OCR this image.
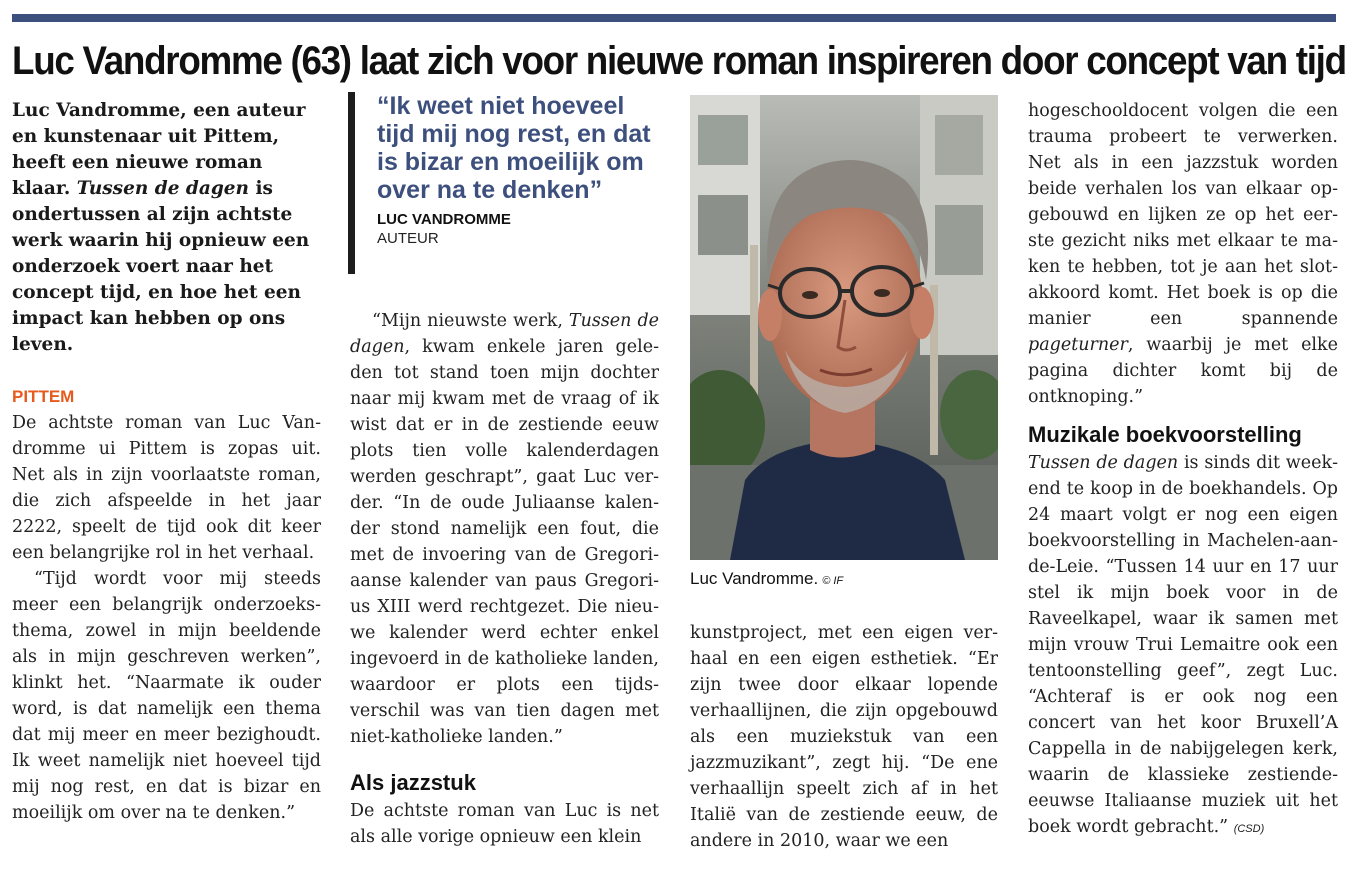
Luc Vandromme (63) laat zich voor nieuwe roman inspireren door concept van tijd
Luc Vandromme, een auteur en kunstenaar uit Pittem, heeft een nieuwe roman klaar. Tussen de dagen is ondertussen al zijn achtste werk waarin hij opnieuw een onderzoek voert naar het concept tijd, en hoe het een impact kan hebben op ons leven.
PITTEM

De achtste roman van Luc Vandromme ui Pittem is zopas uit. Net als in zijn voorlaatste roman, die zich afspeelde in het jaar 2222, speelt de tijd ook dit keer een belangrijke rol in het verhaal.

“Tijd wordt voor mij steeds meer een belangrijk onderzoeksthema, zowel in mijn beeldende als in mijn geschreven werken”, klinkt het. “Naarmate ik ouder word, is dat namelijk een thema dat mij meer en meer bezighoudt. Ik weet namelijk niet hoeveel tijd mij nog rest, en dat is bizar en moeilijk om over na te denken.”

“Ik weet niet hoeveel tijd mij nog rest, en dat is bizar en moeilijk om over na te denken”

LUC VANDROMME
AUTEUR

“Mijn nieuwste werk, Tussen de dagen, kwam enkele jaren geleden tot stand toen mijn dochter naar mij kwam met de vraag of ik wist dat er in de zestiende eeuw plots tien volle kalenderdagen werden geschrapt”, gaat Luc verder. “In de oude Juliaanse kalender stond namelijk een fout, die met de invoering van de Gregoriaanse kalender van paus Gregorius XIII werd rechtgezet. Die nieuwe kalender werd echter enkel ingevoerd in de katholieke landen, waardoor er plots een tijdsverschil was van tien dagen met niet-katholieke landen.”

Als jazzstuk

De achtste roman van Luc is net als alle vorige opnieuw een klein

Luc Vandromme. © IF

kunstproject, met een eigen verhaal en een eigen esthetiek. “Er zijn twee door elkaar lopende verhaallijnen, die zijn opgebouwd als een muziekstuk van een jazzmuzikant”, zegt hij. “De ene verhaallijn speelt zich af in het Italië van de zestiende eeuw, de andere in 2010, waar we een

hogeschooldocent volgen die een trauma probeert te verwerken. Net als in een jazzstuk worden beide verhalen los van elkaar opgebouwd en lijken ze op het eerste gezicht niks met elkaar te maken te hebben, tot je aan het slotakkoord komt. Het boek is op die manier een spannende pageturner, waarbij je met elke pagina dichter komt bij de ontknoping.”

Muzikale boekvoorstelling

Tussen de dagen is sinds dit weekend te koop in de boekhandels. Op 24 maart volgt er nog een eigen boekvoorstelling in Machelen-aan-de-Leie. “Tussen 14 uur en 17 uur stel ik mijn boek voor in de Raveelkapel, waar ik samen met mijn vrouw Trui Lemaitre ook een tentoonstelling geef”, zegt Luc. “Achteraf is er ook nog een concert van het koor Bruxell’A Cappella in de nabijgelegen kerk, waarin de klassieke zestiende-eeuwse Italiaanse muziek uit het boek wordt gebracht.” (CSD)
